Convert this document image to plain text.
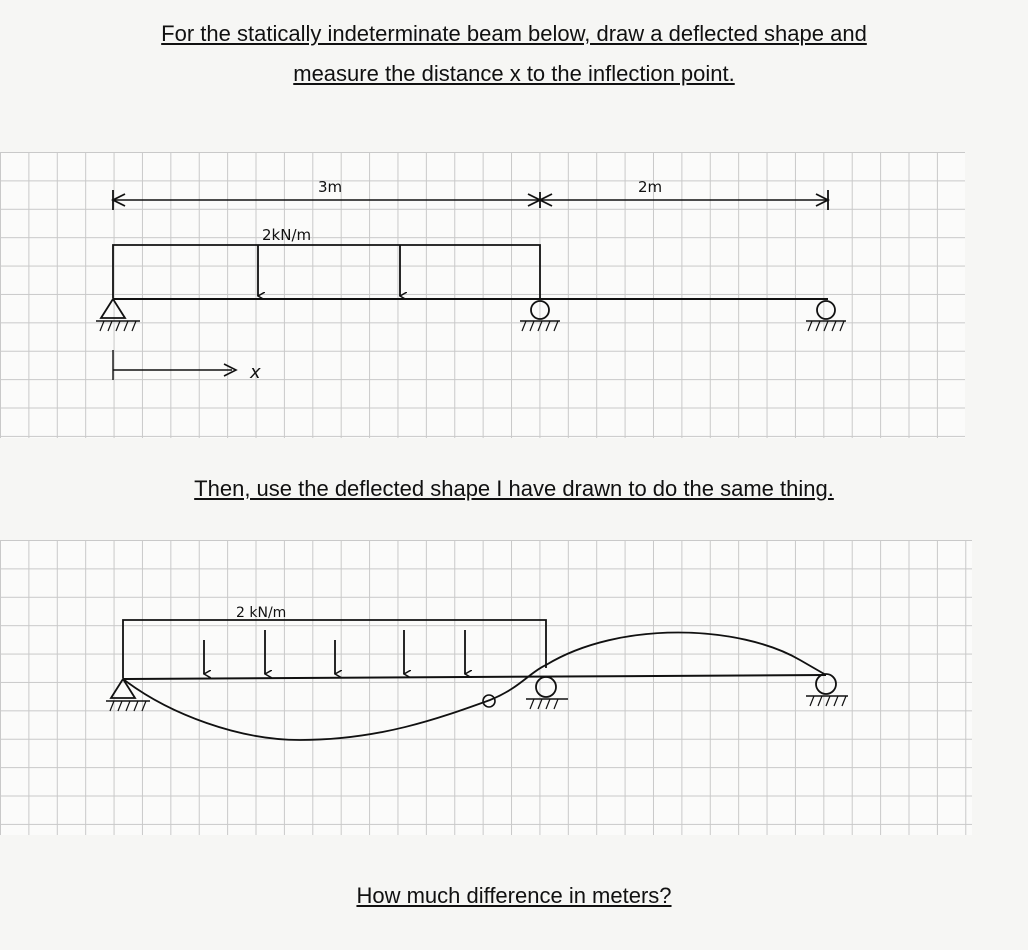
For the statically indeterminate beam below, draw a deflected shape and

measure the distance x to the inflection point.

Then, use the deflected shape I have drawn to do the same thing.

How much difference in meters?

3m	2m
2kN/m
x
2 kN/m
